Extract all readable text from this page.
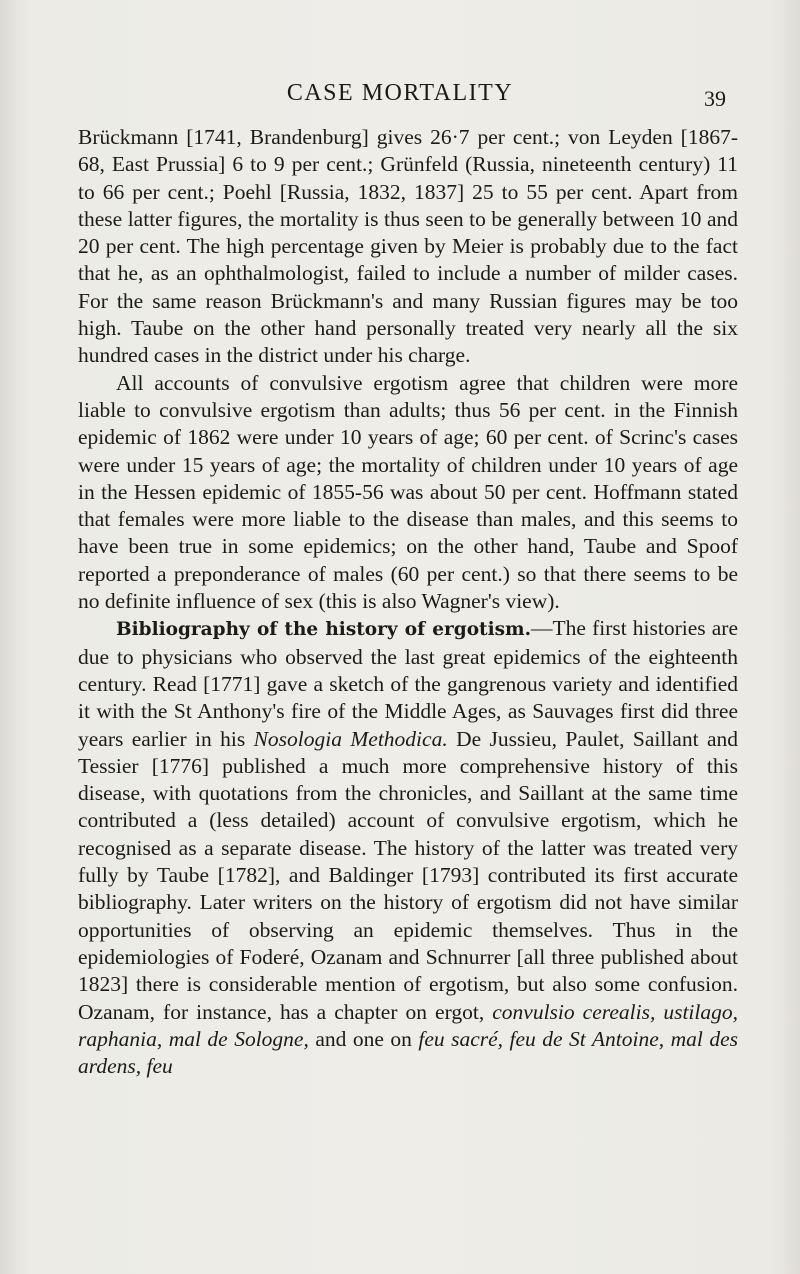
CASE MORTALITY	39

Brückmann [1741, Brandenburg] gives 26·7 per cent.; von Leyden [1867-68, East Prussia] 6 to 9 per cent.; Grünfeld (Russia, nineteenth century) 11 to 66 per cent.; Poehl [Russia, 1832, 1837] 25 to 55 per cent. Apart from these latter figures, the mortality is thus seen to be generally between 10 and 20 per cent. The high percentage given by Meier is probably due to the fact that he, as an ophthalmologist, failed to include a number of milder cases. For the same reason Brückmann's and many Russian figures may be too high. Taube on the other hand personally treated very nearly all the six hundred cases in the district under his charge.

All accounts of convulsive ergotism agree that children were more liable to convulsive ergotism than adults; thus 56 per cent. in the Finnish epidemic of 1862 were under 10 years of age; 60 per cent. of Scrinc's cases were under 15 years of age; the mortality of children under 10 years of age in the Hessen epidemic of 1855-56 was about 50 per cent. Hoffmann stated that females were more liable to the disease than males, and this seems to have been true in some epidemics; on the other hand, Taube and Spoof reported a preponderance of males (60 per cent.) so that there seems to be no definite influence of sex (this is also Wagner's view).

Bibliography of the history of ergotism.—The first histories are due to physicians who observed the last great epidemics of the eighteenth century. Read [1771] gave a sketch of the gangrenous variety and identified it with the St Anthony's fire of the Middle Ages, as Sauvages first did three years earlier in his Nosologia Methodica. De Jussieu, Paulet, Saillant and Tessier [1776] published a much more comprehensive history of this disease, with quotations from the chronicles, and Saillant at the same time contributed a (less detailed) account of convulsive ergotism, which he recognised as a separate disease. The history of the latter was treated very fully by Taube [1782], and Baldinger [1793] contributed its first accurate bibliography. Later writers on the history of ergotism did not have similar opportunities of observing an epidemic themselves. Thus in the epidemiologies of Foderé, Ozanam and Schnurrer [all three published about 1823] there is considerable mention of ergotism, but also some confusion. Ozanam, for instance, has a chapter on ergot, convulsio cerealis, ustilago, raphania, mal de Sologne, and one on feu sacré, feu de St Antoine, mal des ardens, feu
